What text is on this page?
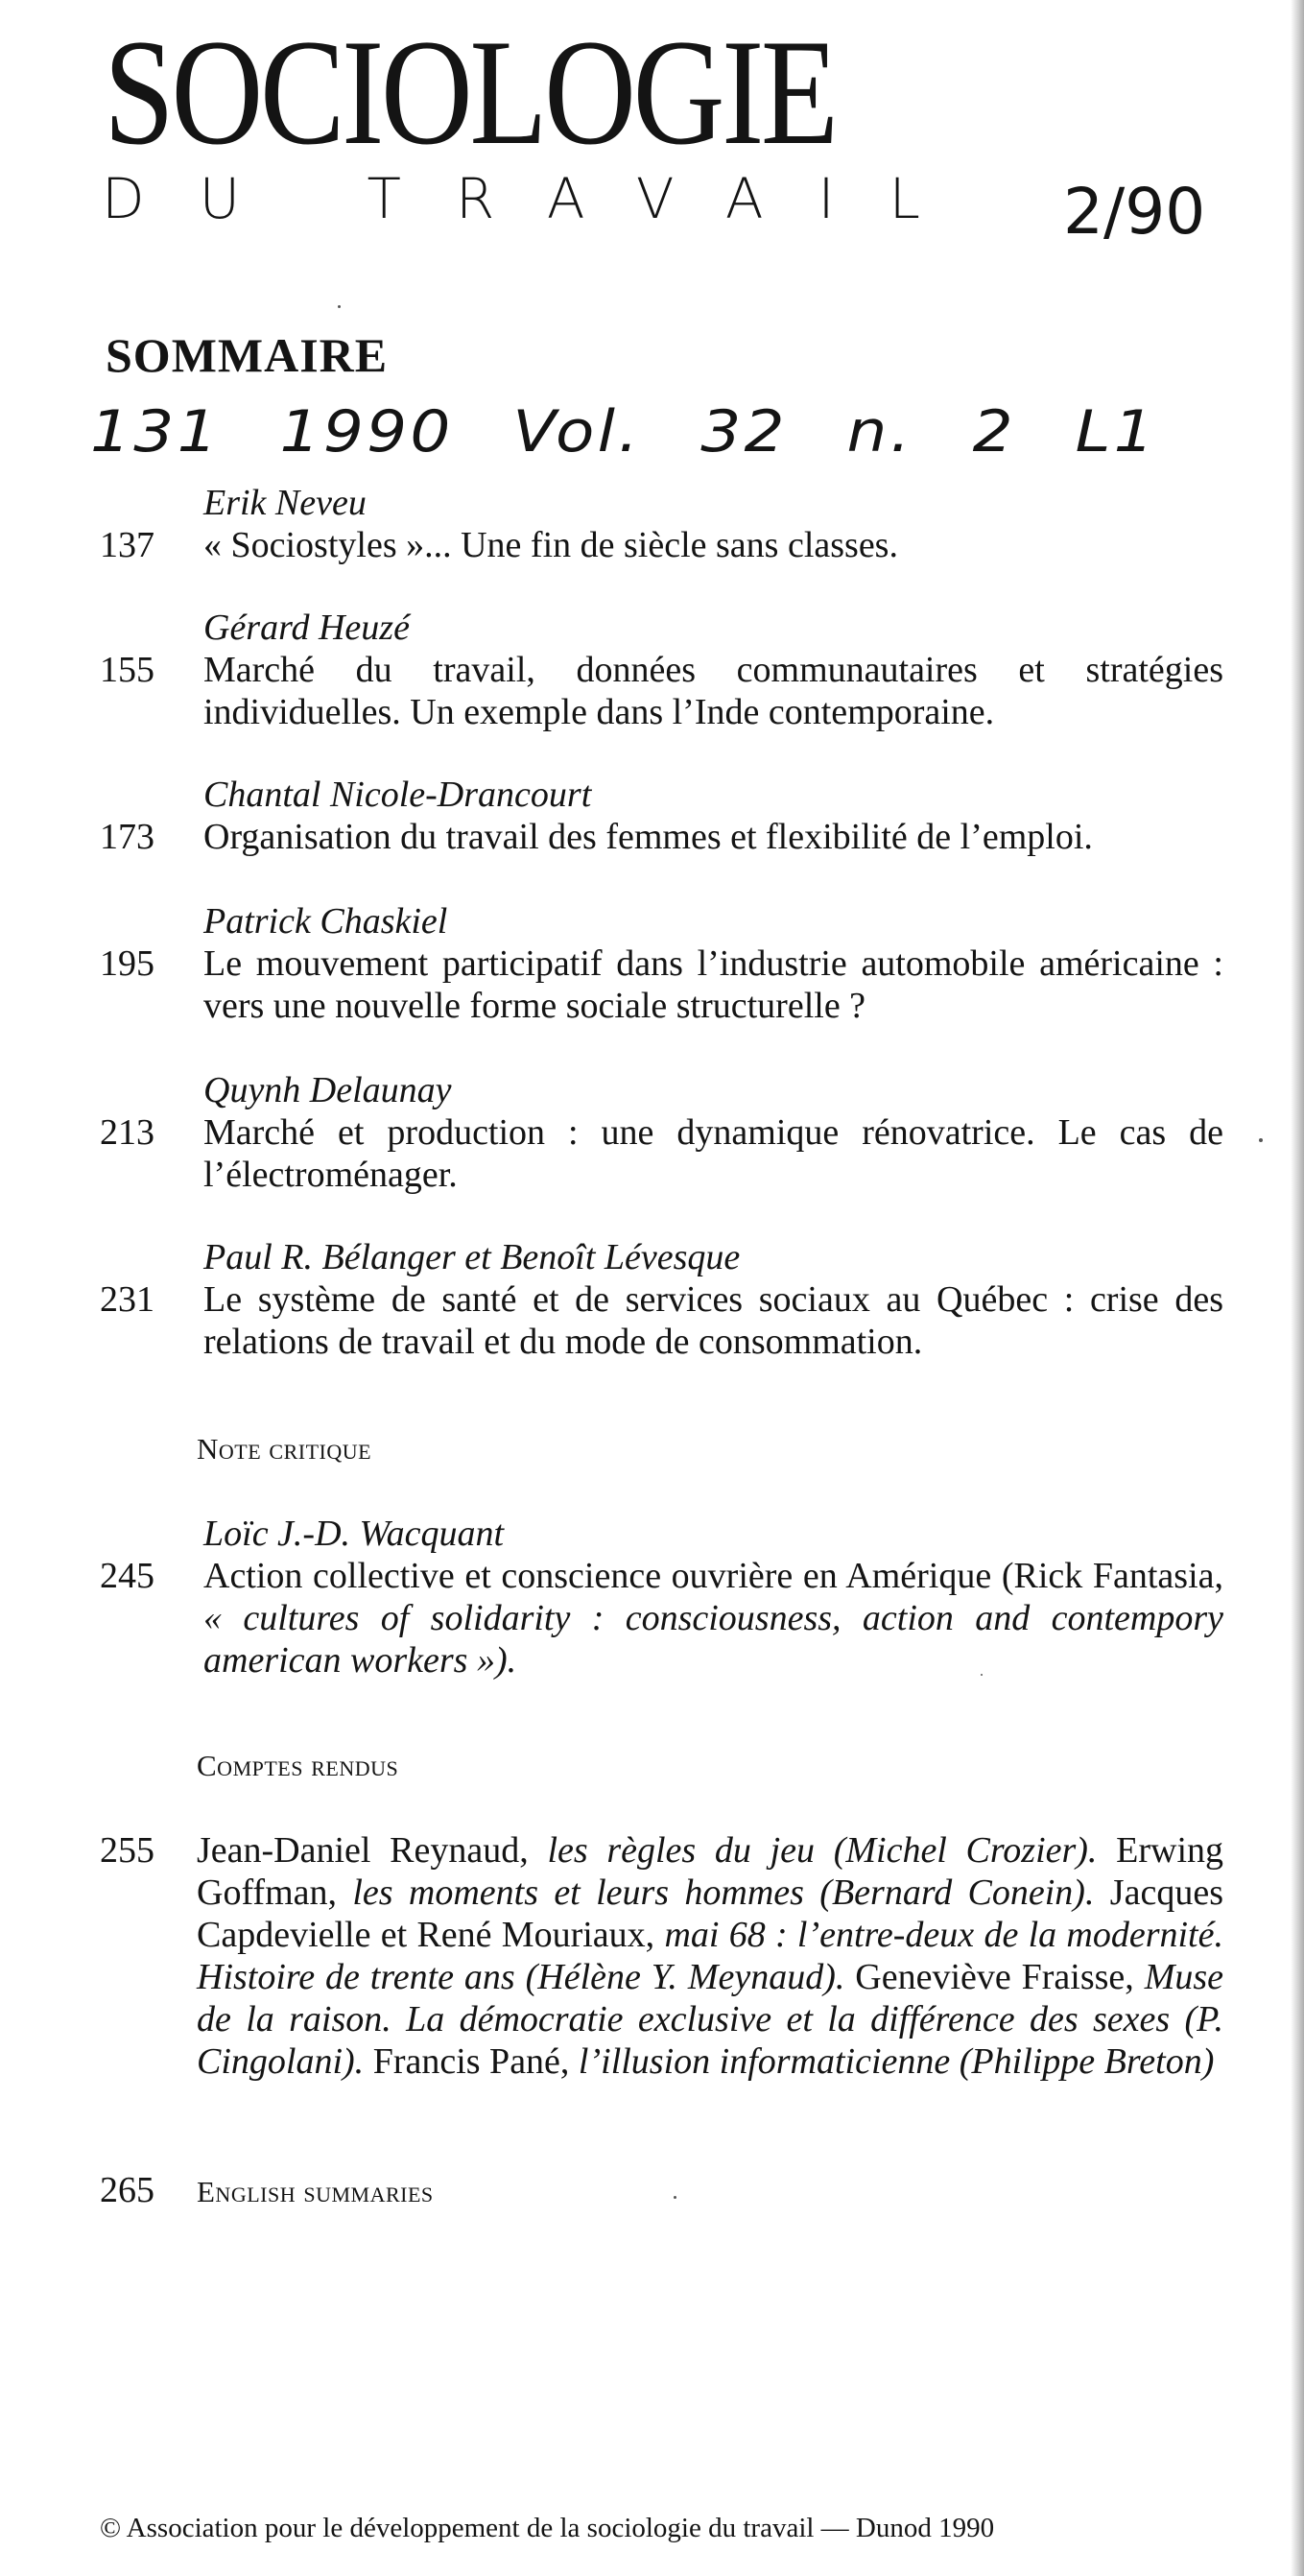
SOCIOLOGIE
DU TRAVAIL 2/90
SOMMAIRE
131 1990 Vol. 32 n. 2 L1
Erik Neveu
137 « Sociostyles »... Une fin de siècle sans classes.
Gérard Heuzé
155 Marché du travail, données communautaires et stratégies individuelles. Un exemple dans l’Inde contemporaine.
Chantal Nicole-Drancourt
173 Organisation du travail des femmes et flexibilité de l’emploi.
Patrick Chaskiel
195 Le mouvement participatif dans l’industrie automobile américaine : vers une nouvelle forme sociale structurelle ?
Quynh Delaunay
213 Marché et production : une dynamique rénovatrice. Le cas de l’électroménager.
Paul R. Bélanger et Benoît Lévesque
231 Le système de santé et de services sociaux au Québec : crise des relations de travail et du mode de consommation.
Note critique
Loïc J.-D. Wacquant
245 Action collective et conscience ouvrière en Amérique (Rick Fantasia, « cultures of solidarity : consciousness, action and contempory american workers »).
Comptes rendus
255 Jean-Daniel Reynaud, les règles du jeu (Michel Crozier). Erwing Goffman, les moments et leurs hommes (Bernard Conein). Jacques Capdevielle et René Mouriaux, mai 68 : l’entre-deux de la modernité. Histoire de trente ans (Hélène Y. Meynaud). Geneviève Fraisse, Muse de la raison. La démocratie exclusive et la différence des sexes (P. Cingolani). Francis Pané, l’illusion informaticienne (Philippe Breton)
265 English summaries
© Association pour le développement de la sociologie du travail — Dunod 1990
